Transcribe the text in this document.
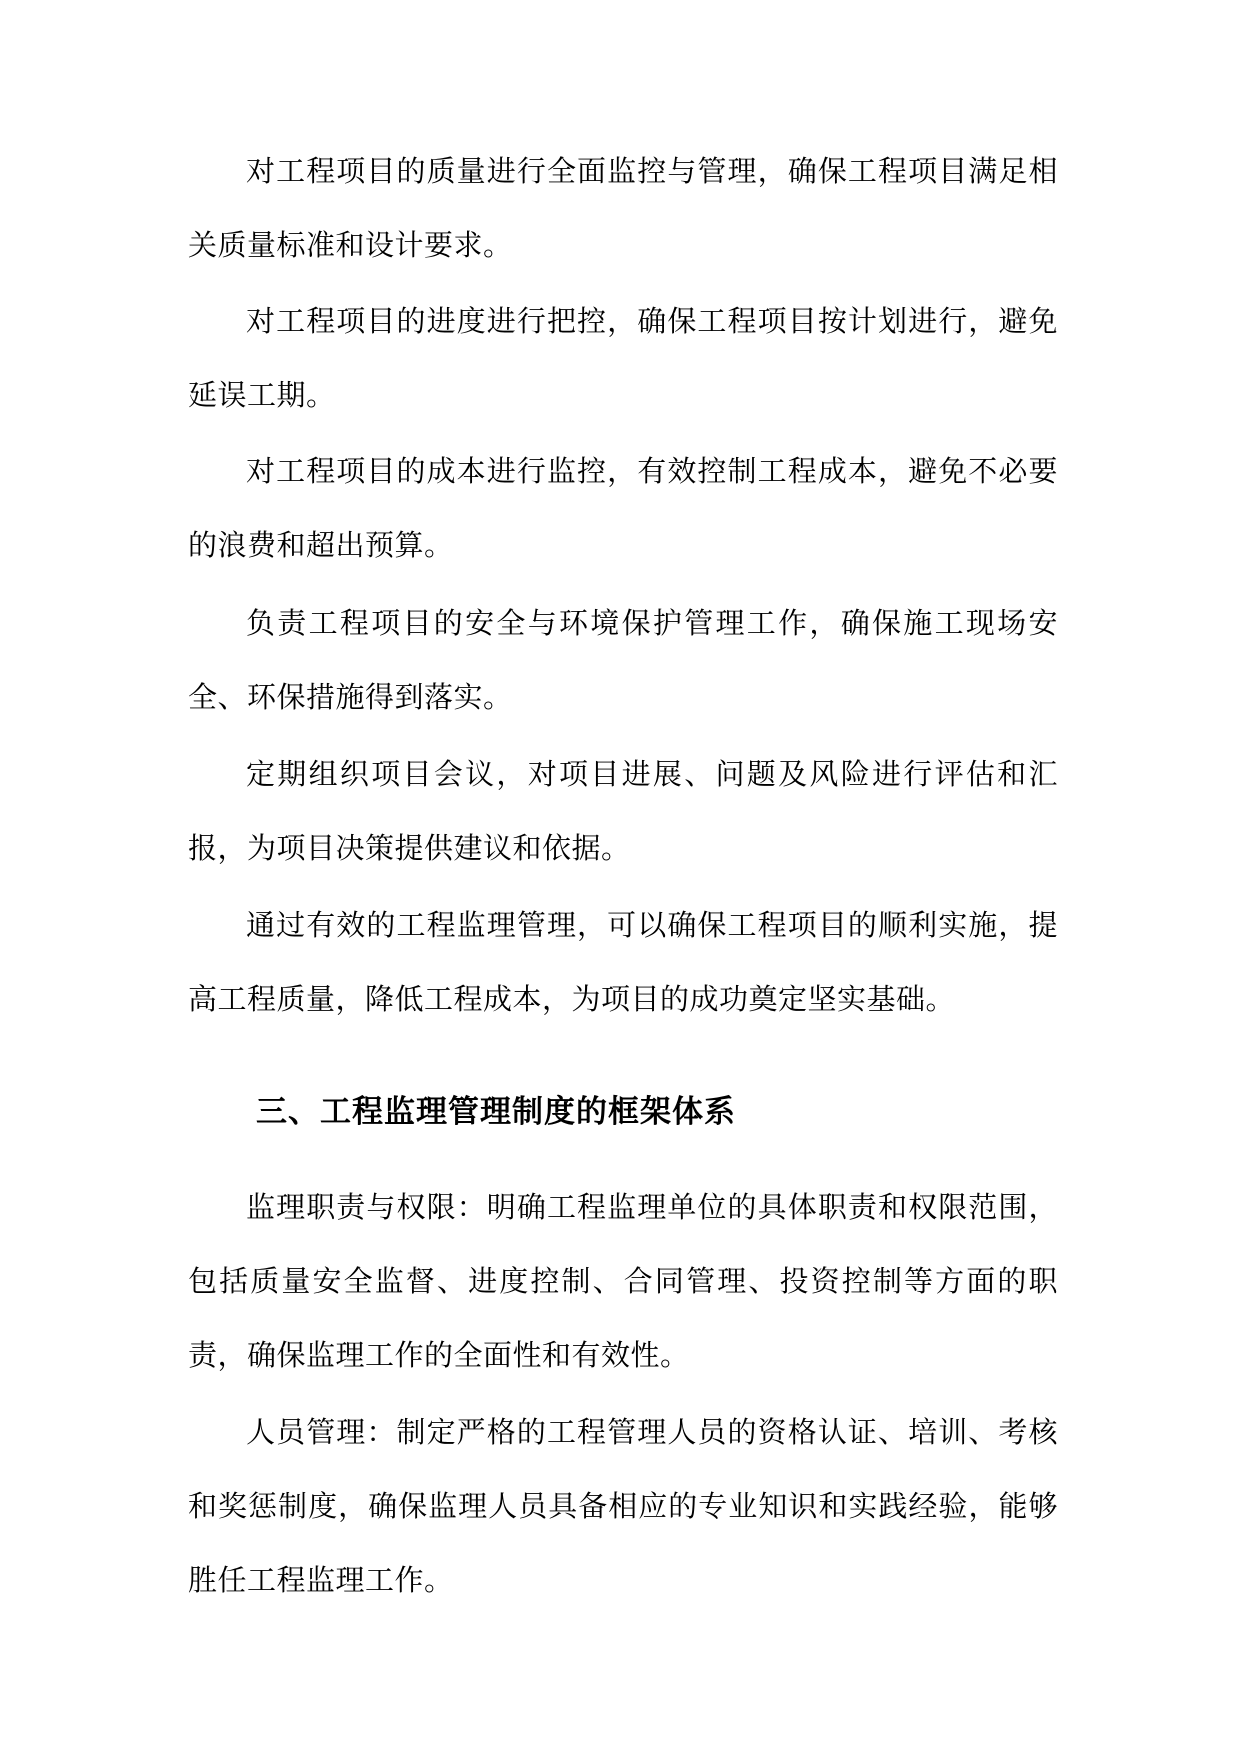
对工程项目的质量进行全面监控与管理，确保工程项目满足相关质量标准和设计要求。

对工程项目的进度进行把控，确保工程项目按计划进行，避免延误工期。

对工程项目的成本进行监控，有效控制工程成本，避免不必要的浪费和超出预算。

负责工程项目的安全与环境保护管理工作，确保施工现场安全、环保措施得到落实。

定期组织项目会议，对项目进展、问题及风险进行评估和汇报，为项目决策提供建议和依据。

通过有效的工程监理管理，可以确保工程项目的顺利实施，提高工程质量，降低工程成本，为项目的成功奠定坚实基础。

三、工程监理管理制度的框架体系

监理职责与权限：明确工程监理单位的具体职责和权限范围，包括质量安全监督、进度控制、合同管理、投资控制等方面的职责，确保监理工作的全面性和有效性。

人员管理：制定严格的工程管理人员的资格认证、培训、考核和奖惩制度，确保监理人员具备相应的专业知识和实践经验，能够胜任工程监理工作。
